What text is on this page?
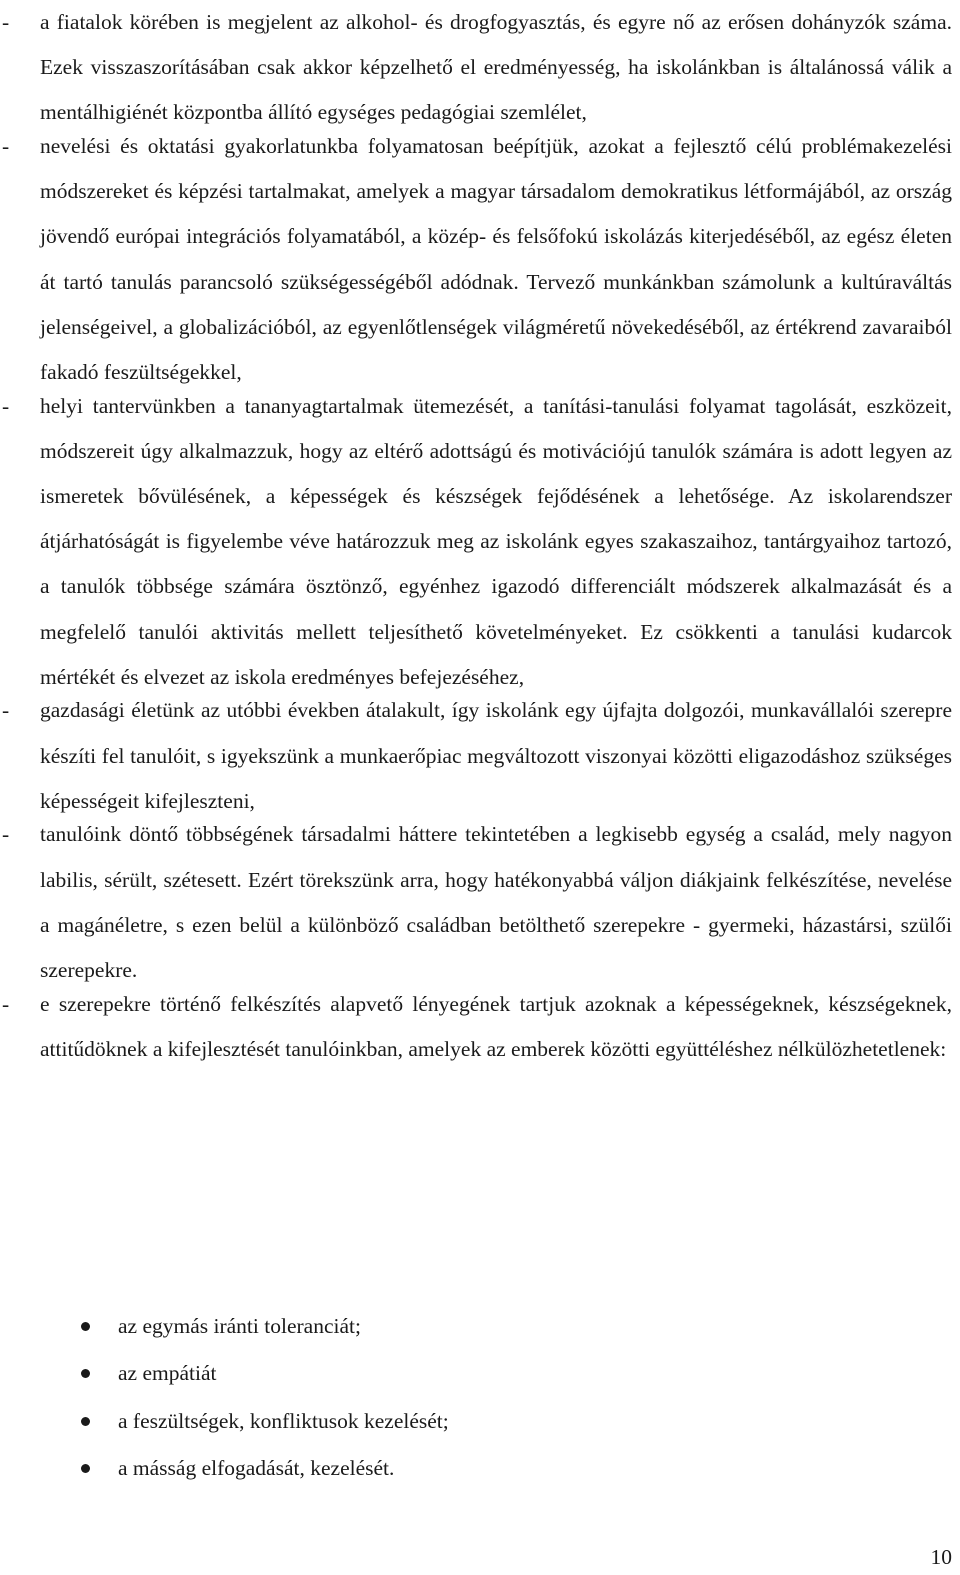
-	a fiatalok körében is megjelent az alkohol- és drogfogyasztás, és egyre nő az erősen dohányzók száma. Ezek visszaszorításában csak akkor képzelhető el eredményesség, ha iskolánkban is általánossá válik a mentálhigiénét központba állító egységes pedagógiai szemlélet,
-	nevelési és oktatási gyakorlatunkba folyamatosan beépítjük, azokat a fejlesztő célú problémakezelési módszereket és képzési tartalmakat, amelyek a magyar társadalom demokratikus létformájából, az ország jövendő európai integrációs folyamatából, a közép- és felsőfokú iskolázás kiterjedéséből, az egész életen át tartó tanulás parancsoló szükségességéből adódnak. Tervező munkánkban számolunk a kultúraváltás jelenségeivel, a globalizációból, az egyenlőtlenségek világméretű növekedéséből, az értékrend zavaraiból fakadó feszültségekkel,
-	helyi tantervünkben a tananyagtartalmak ütemezését, a tanítási-tanulási folyamat tagolását, eszközeit, módszereit úgy alkalmazzuk, hogy az eltérő adottságú és motivációjú tanulók számára is adott legyen az ismeretek bővülésének, a képességek és készségek fejődésének a lehetősége. Az iskolarendszer átjárhatóságát is figyelembe véve határozzuk meg az iskolánk egyes szakaszaihoz, tantárgyaihoz tartozó, a tanulók többsége számára ösztönző, egyénhez igazodó differenciált módszerek alkalmazását és a megfelelő tanulói aktivitás mellett teljesíthető követelményeket. Ez csökkenti a tanulási kudarcok mértékét és elvezet az iskola eredményes befejezéséhez,
-	gazdasági életünk az utóbbi években átalakult, így iskolánk egy újfajta dolgozói, munkavállalói szerepre készíti fel tanulóit, s igyekszünk a munkaerőpiac megváltozott viszonyai közötti eligazodáshoz szükséges képességeit kifejleszteni,
-	tanulóink döntő többségének társadalmi háttere tekintetében a legkisebb egység a család, mely nagyon labilis, sérült, szétesett. Ezért törekszünk arra, hogy hatékonyabbá váljon diákjaink felkészítése, nevelése a magánéletre, s ezen belül a különböző családban betölthető szerepekre - gyermeki, házastársi, szülői szerepekre.
-	e szerepekre történő felkészítés alapvető lényegének tartjuk azoknak a képességeknek, készségeknek, attitűdöknek a kifejlesztését tanulóinkban, amelyek az emberek közötti együttéléshez nélkülözhetetlenek:
az egymás iránti toleranciát;
az empátiát
a feszültségek, konfliktusok kezelését;
a másság elfogadását, kezelését.
10
